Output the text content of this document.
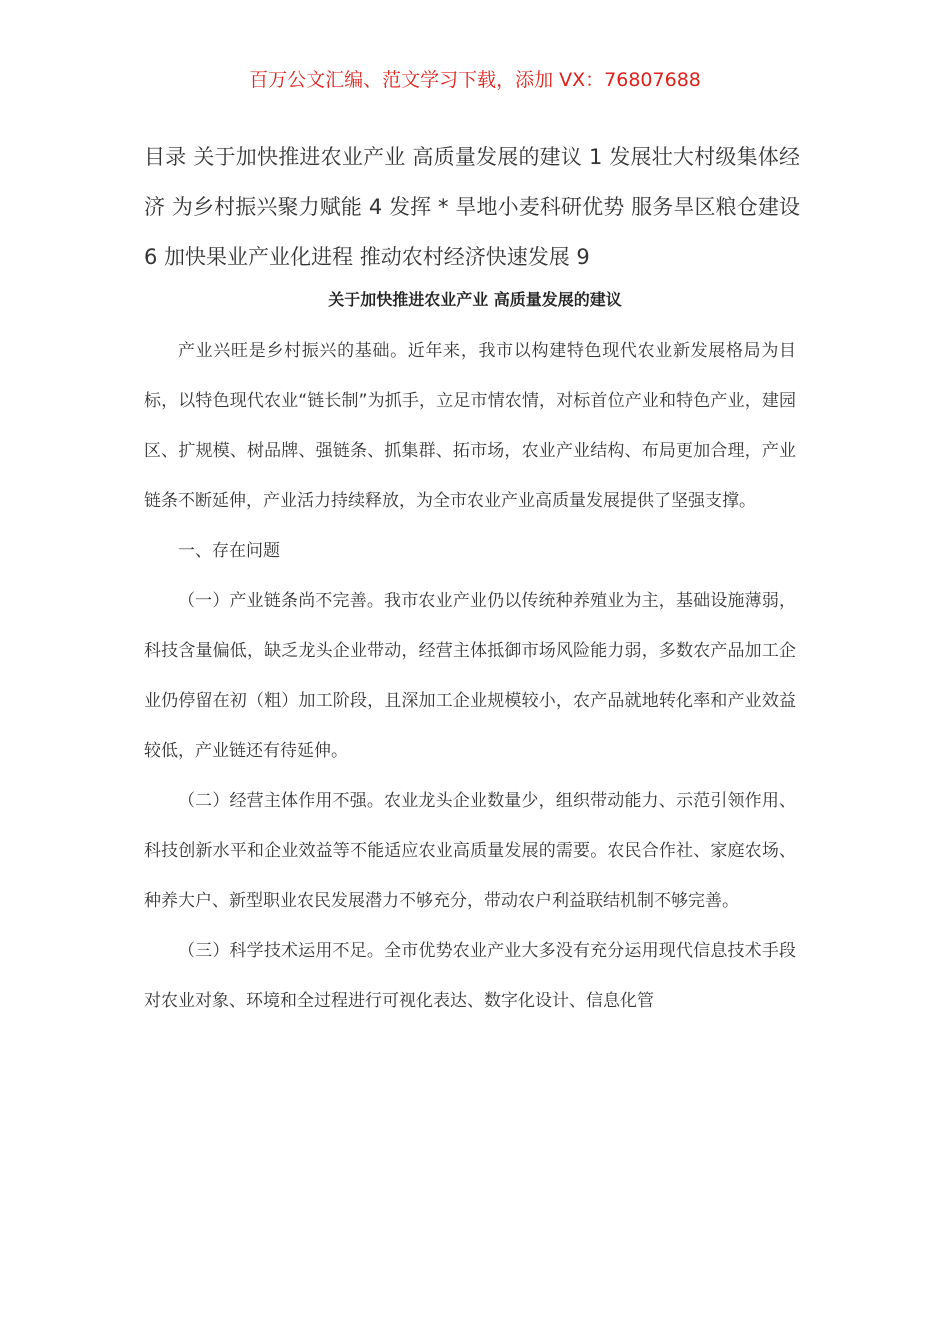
百万公文汇编、范文学习下载，添加 VX：76807688
目录 关于加快推进农业产业 高质量发展的建议 1 发展壮大村级集体经济 为乡村振兴聚力赋能 4 发挥 * 旱地小麦科研优势 服务旱区粮仓建设 6 加快果业产业化进程 推动农村经济快速发展 9
关于加快推进农业产业 高质量发展的建议

产业兴旺是乡村振兴的基础。近年来，我市以构建特色现代农业新发展格局为目标，以特色现代农业“链长制”为抓手，立足市情农情，对标首位产业和特色产业，建园区、扩规模、树品牌、强链条、抓集群、拓市场，农业产业结构、布局更加合理，产业链条不断延伸，产业活力持续释放，为全市农业产业高质量发展提供了坚强支撑。

一、存在问题

（一）产业链条尚不完善。我市农业产业仍以传统种养殖业为主，基础设施薄弱，科技含量偏低，缺乏龙头企业带动，经营主体抵御市场风险能力弱，多数农产品加工企业仍停留在初（粗）加工阶段，且深加工企业规模较小，农产品就地转化率和产业效益较低，产业链还有待延伸。

（二）经营主体作用不强。农业龙头企业数量少，组织带动能力、示范引领作用、科技创新水平和企业效益等不能适应农业高质量发展的需要。农民合作社、家庭农场、种养大户、新型职业农民发展潜力不够充分，带动农户利益联结机制不够完善。

（三）科学技术运用不足。全市优势农业产业大多没有充分运用现代信息技术手段对农业对象、环境和全过程进行可视化表达、数字化设计、信息化管
